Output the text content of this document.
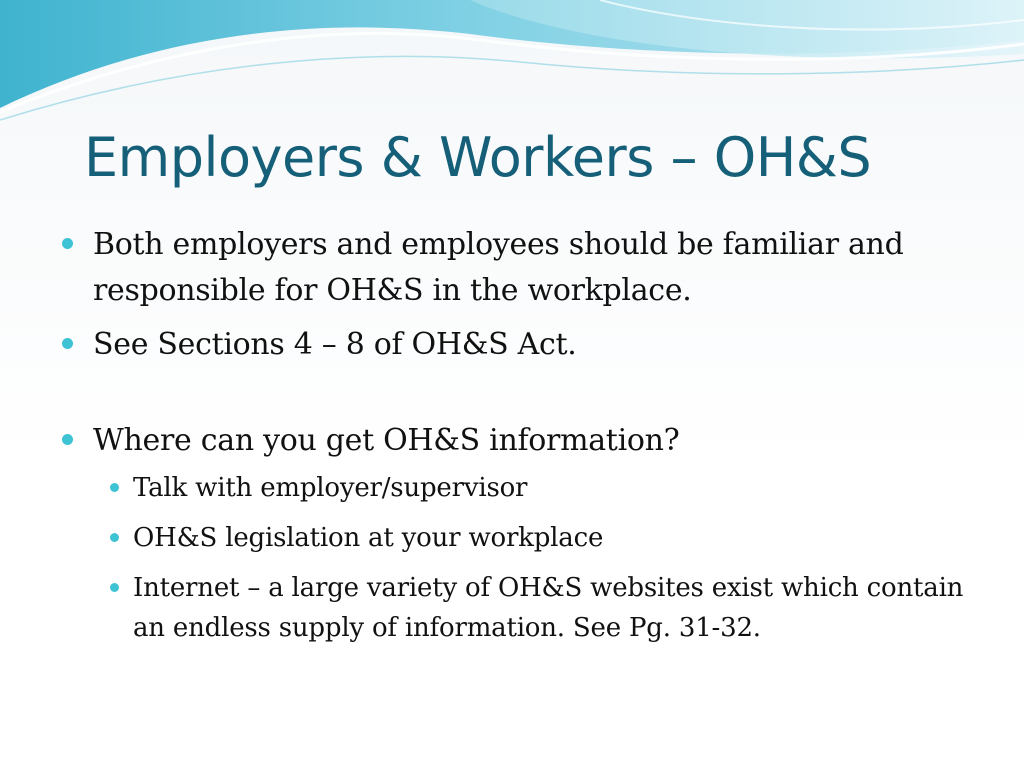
Employers & Workers – OH&S
Both employers and employees should be familiar and responsible for OH&S in the workplace.
See Sections 4 – 8 of OH&S Act.
Where can you get OH&S information?
Talk with employer/supervisor
OH&S legislation at your workplace
Internet – a large variety of OH&S websites exist which contain an endless supply of information. See Pg. 31-32.
